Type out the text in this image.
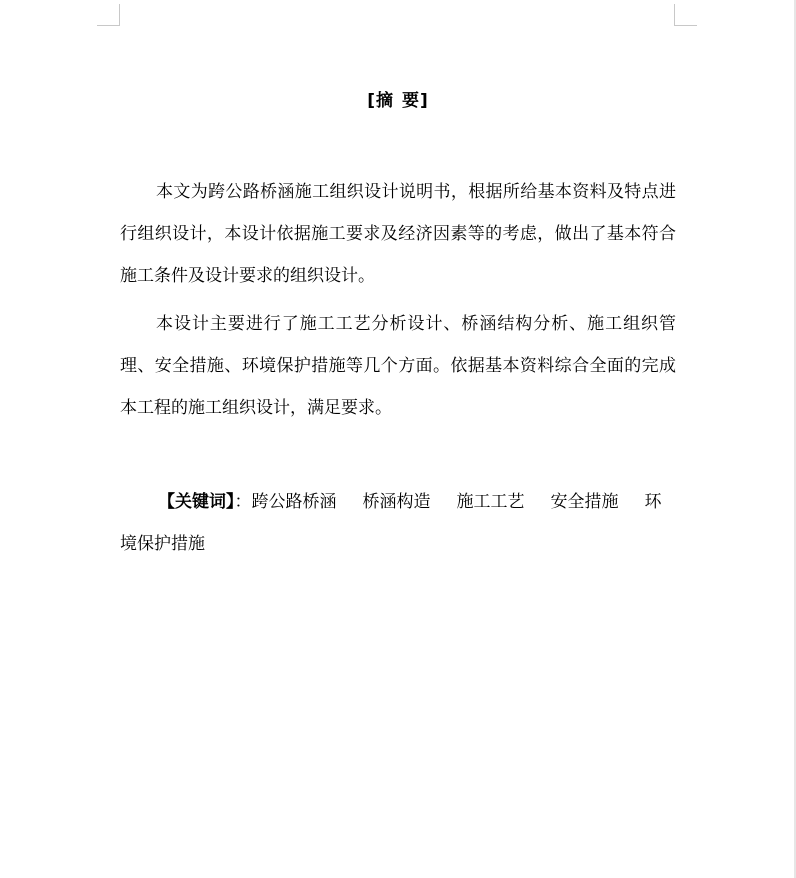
[摘 要]
本文为跨公路桥涵施工组织设计说明书，根据所给基本资料及特点进行组织设计，本设计依据施工要求及经济因素等的考虑，做出了基本符合施工条件及设计要求的组织设计。
本设计主要进行了施工工艺分析设计、桥涵结构分析、施工组织管理、安全措施、环境保护措施等几个方面。依据基本资料综合全面的完成本工程的施工组织设计，满足要求。
【关键词】：跨公路桥涵 桥涵构造 施工工艺 安全措施 环境保护措施
